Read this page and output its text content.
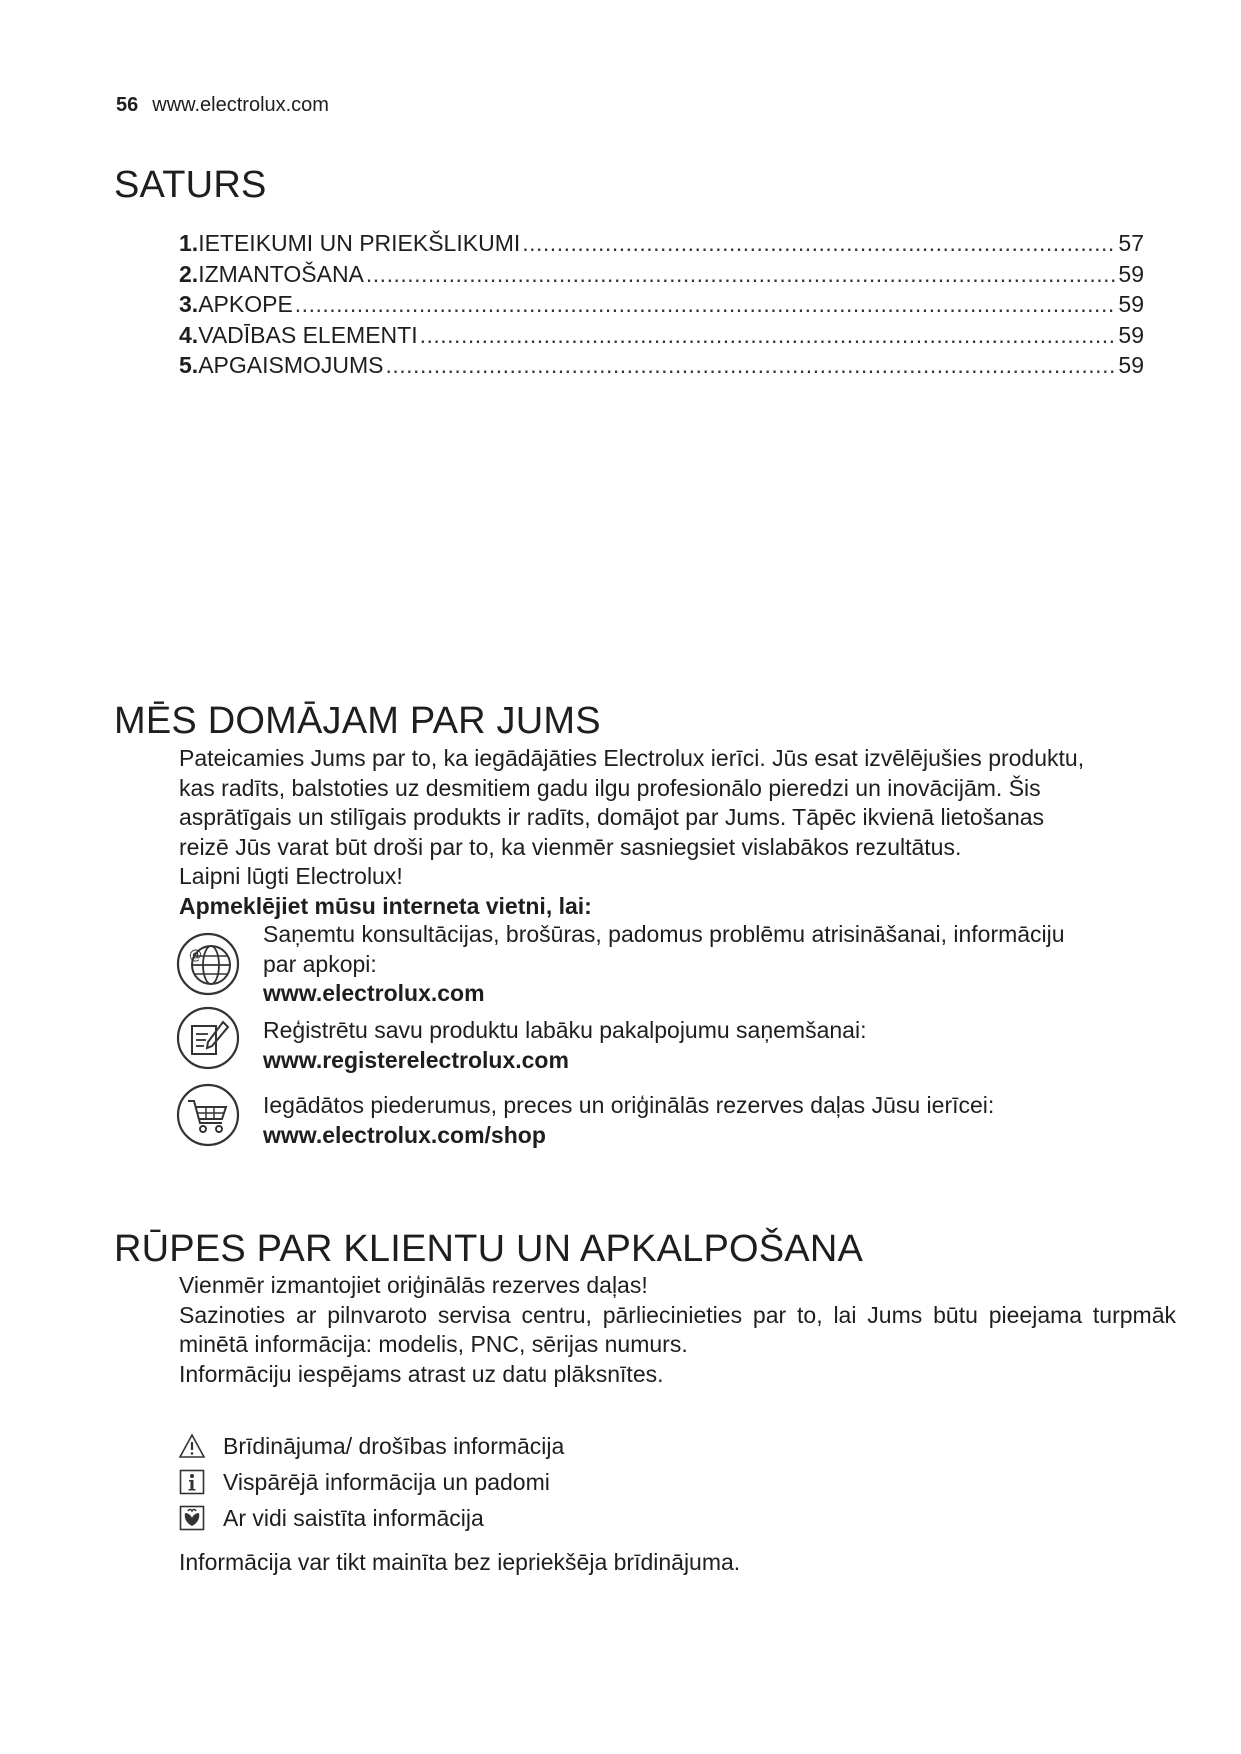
56 www.electrolux.com
SATURS
1. IETEIKUMI UN PRIEKŠLIKUMI .....	57
2. IZMANTOŠANA .....	59
3. APKOPE .....	59
4. VADĪBAS ELEMENTI .....	59
5. APGAISMOJUMS .....	59
MĒS DOMĀJAM PAR JUMS

Pateicamies Jums par to, ka iegādājāties Electrolux ierīci. Jūs esat izvēlējušies produktu,

kas radīts, balstoties uz desmitiem gadu ilgu profesionālo pieredzi un inovācijām. Šis

asprātīgais un stilīgais produkts ir radīts, domājot par Jums. Tāpēc ikvienā lietošanas

reizē Jūs varat būt droši par to, ka vienmēr sasniegsiet vislabākos rezultātus.

Laipni lūgti Electrolux!

Apmeklējiet mūsu interneta vietni, lai:

@

Saņemtu konsultācijas, brošūras, padomus problēmu atrisināšanai, informāciju

par apkopi:

www.electrolux.com

Reģistrētu savu produktu labāku pakalpojumu saņemšanai:

www.registerelectrolux.com

Iegādātos piederumus, preces un oriģinālās rezerves daļas Jūsu ierīcei:

www.electrolux.com/shop

RŪPES PAR KLIENTU UN APKALPOŠANA

Vienmēr izmantojiet oriģinālās rezerves daļas!

Sazinoties ar pilnvaroto servisa centru, pārliecinieties par to, lai Jums būtu pieejama turpmāk minētā informācija: modelis, PNC, sērijas numurs.

Informāciju iespējams atrast uz datu plāksnītes.

Brīdinājuma/ drošības informācija
Vispārējā informācija un padomi
Ar vidi saistīta informācija
Informācija var tikt mainīta bez iepriekšēja brīdinājuma.
